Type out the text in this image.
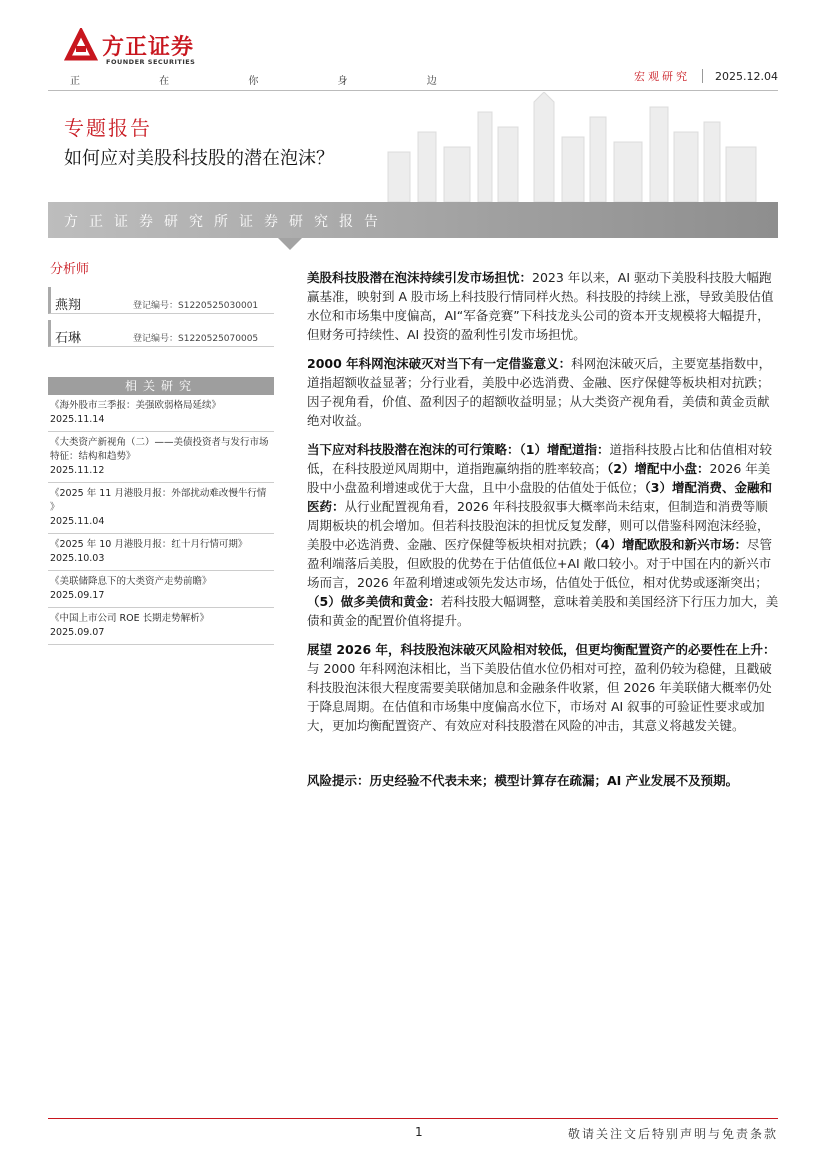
方正证券
FOUNDER SECURITIES
正 在 你 身 边	宏观研究 2025.12.04
专题报告
如何应对美股科技股的潜在泡沫？
方正证券研究所证券研究报告
分析师
燕翔	登记编号：S1220525030001
石琳	登记编号：S1220525070005
相关研究
《海外股市三季报：美强欧弱格局延续》
2025.11.14
《大类资产新视角（二）——美债投资者与发行市场特征：结构和趋势》
2025.11.12
《2025 年 11 月港股月报：外部扰动难改慢牛行情 》
2025.11.04
《2025 年 10 月港股月报：红十月行情可期》
2025.10.03
《美联储降息下的大类资产走势前瞻》
2025.09.17
《中国上市公司 ROE 长期走势解析》
2025.09.07

美股科技股潜在泡沫持续引发市场担忧：2023 年以来，AI 驱动下美股科技股大幅跑赢基准，映射到 A 股市场上科技股行情同样火热。科技股的持续上涨，导致美股估值水位和市场集中度偏高，AI“军备竞赛”下科技龙头公司的资本开支规模将大幅提升，但财务可持续性、AI 投资的盈利性引发市场担忧。

2000 年科网泡沫破灭对当下有一定借鉴意义：科网泡沫破灭后，主要宽基指数中，道指超额收益显著；分行业看，美股中必选消费、金融、医疗保健等板块相对抗跌；因子视角看，价值、盈利因子的超额收益明显；从大类资产视角看，美债和黄金贡献绝对收益。

当下应对科技股潜在泡沫的可行策略：（1）增配道指：道指科技股占比和估值相对较低，在科技股逆风周期中，道指跑赢纳指的胜率较高；（2）增配中小盘：2026 年美股中小盘盈利增速或优于大盘，且中小盘股的估值处于低位；（3）增配消费、金融和医药：从行业配置视角看，2026 年科技股叙事大概率尚未结束，但制造和消费等顺周期板块的机会增加。但若科技股泡沫的担忧反复发酵，则可以借鉴科网泡沫经验，美股中必选消费、金融、医疗保健等板块相对抗跌；（4）增配欧股和新兴市场：尽管盈利端落后美股，但欧股的优势在于估值低位+AI 敞口较小。对于中国在内的新兴市场而言，2026 年盈利增速或领先发达市场，估值处于低位，相对优势或逐渐突出；（5）做多美债和黄金：若科技股大幅调整，意味着美股和美国经济下行压力加大，美债和黄金的配置价值将提升。

展望 2026 年，科技股泡沫破灭风险相对较低，但更均衡配置资产的必要性在上升：与 2000 年科网泡沫相比，当下美股估值水位仍相对可控，盈利仍较为稳健，且戳破科技股泡沫很大程度需要美联储加息和金融条件收紧，但 2026 年美联储大概率仍处于降息周期。在估值和市场集中度偏高水位下，市场对 AI 叙事的可验证性要求或加大，更加均衡配置资产、有效应对科技股潜在风险的冲击，其意义将越发关键。

风险提示：历史经验不代表未来；模型计算存在疏漏；AI 产业发展不及预期。

1	敬请关注文后特别声明与免责条款
